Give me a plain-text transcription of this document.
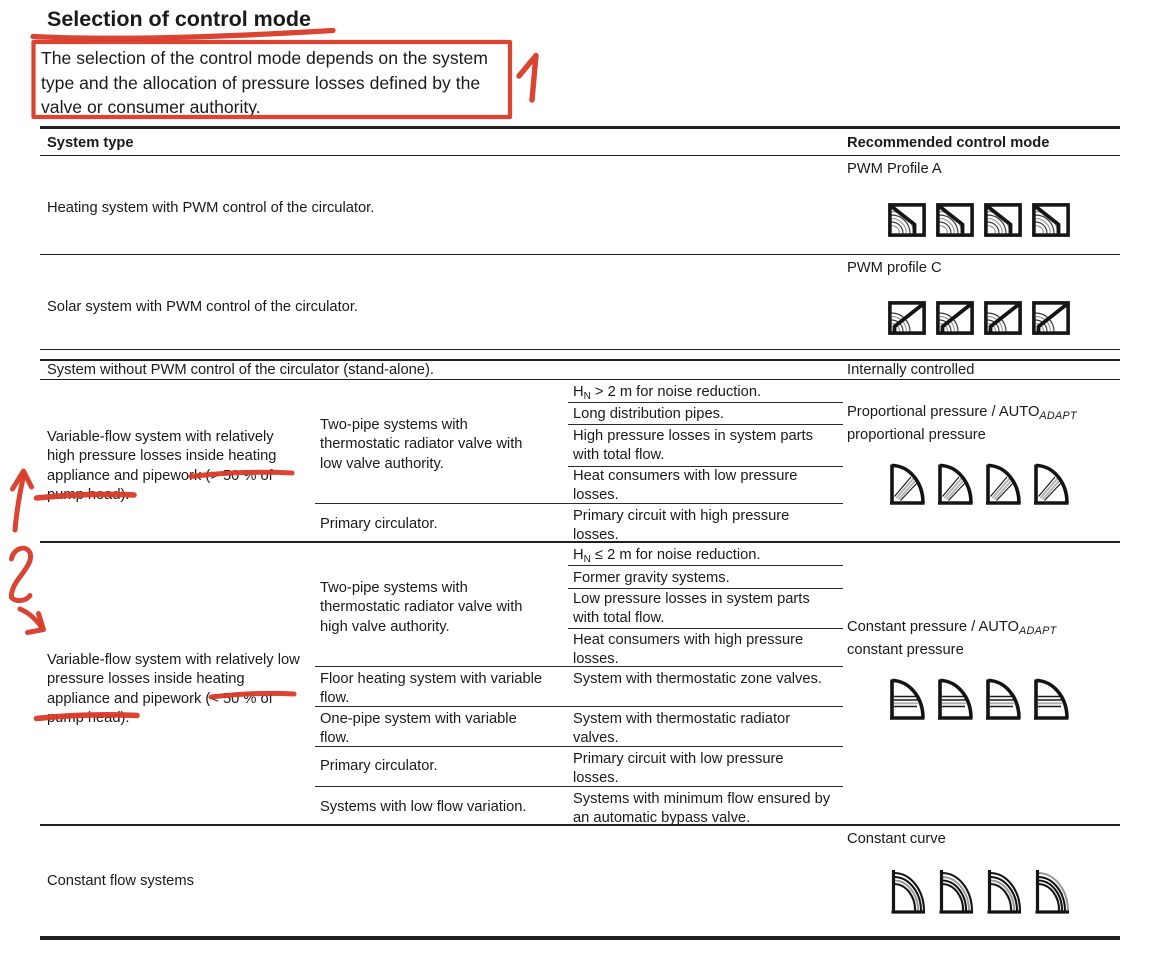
Selection of control mode
The selection of the control mode depends on the system type and the allocation of pressure losses defined by the valve or consumer authority.
System type	Recommended control mode
Heating system with PWM control of the circulator.
PWM Profile A
Solar system with PWM control of the circulator.
PWM profile C
System without PWM control of the circulator (stand-alone).	Internally controlled
Variable-flow system with relatively high pressure losses inside heating appliance and pipework (> 50 % of pump head).
Two-pipe systems with thermostatic radiator valve with low valve authority.
Primary circulator.
$H_N > 2$ m for noise reduction.
Long distribution pipes.
High pressure losses in system parts with total flow.
Heat consumers with low pressure losses.
Primary circuit with high pressure losses.
Proportional pressure / $AUTO_{ADAPT}$
proportional pressure
Variable-flow system with relatively low pressure losses inside heating appliance and pipework (< 50 % of pump head).
Two-pipe systems with thermostatic radiator valve with high valve authority.
Floor heating system with variable flow.
One-pipe system with variable flow.
Primary circulator.
Systems with low flow variation.
$H_N \le 2$ m for noise reduction.
Former gravity systems.
Low pressure losses in system parts with total flow.
Heat consumers with high pressure losses.
System with thermostatic zone valves.
System with thermostatic radiator valves.
Primary circuit with low pressure losses.
Systems with minimum flow ensured by an automatic bypass valve.
Constant pressure / $AUTO_{ADAPT}$
constant pressure
Constant flow systems
Constant curve
